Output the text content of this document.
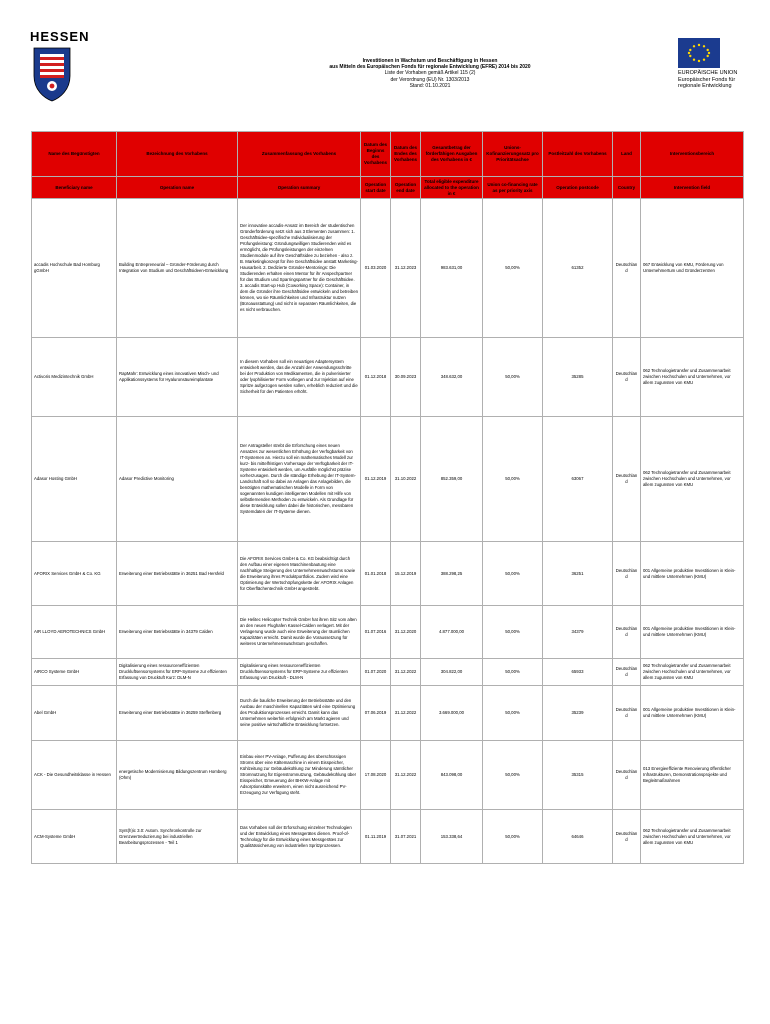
HESSEN
EUROPÄISCHE UNION
Europäischer Fonds für
regionale Entwicklung
Investitionen in Wachstum und Beschäftigung in Hessen
aus Mitteln des Europäischen Fonds für regionale Entwicklung (EFRE) 2014 bis 2020
Liste der Vorhaben gemäß Artikel 115 (2)
der Verordnung (EU) Nr. 1303/2013
Stand: 01.10.2021
Name des Begünstigten	Bezeichnung des Vorhabens	Zusammenfassung des Vorhabens	Datum des Beginns des Vorhabens	Datum des Endes des Vorhabens	Gesamtbetrag der förderfähigen Ausgaben des Vorhabens in €	Unions-Kofinanzierungssatz pro Prioritätsachse	Postleitzahl des Vorhabens	Land	Interventionsbereich
Beneficiary name	Operation name	Operation summary	Operation start date	Operation end date	Total eligible expenditure allocated to the operation in €	Union co-financing rate as per priority axis	Operation postcode	Country	Intervention field
accadis Hochschule Bad Homburg gGmbH	Building Entrepreneurial – Gründer-Förderung durch Integration von Studium und Geschäftsideen-Entwicklung	Der innovative accadis-Ansatz im Bereich der studentischen Gründerförderung setzt sich aus 3 Elementen zusammen: 1. Geschäftsidee-spezifische Individualisierung der Prüfungsleistung: Gründungswilligen Studierenden wird es ermöglicht, die Prüfungsleistungen der einzelnen Studienmodule auf ihre Geschäftsidee zu beziehen - also z. B. Marketingkonzept für ihre Geschäftsidee anstatt Marketing-Hausarbeit. 2. Dedizierte Gründer-Mentorings: Die Studierenden erhalten einen Mentor für ihr Anspechpartner für das Studium und Sparringspartner für die Geschäftsidee. 3. accadis Start-up Hub (Coworking Space): Container, in dem die Gründer ihre Geschäftsidee entwickeln und betreiben können, wo sie Räumlichkeiten und Infrastruktur nutzen (Büroausstattung) und nicht in separaten Räumlichkeiten, die es nicht verbrauchen.	01.03.2020	31.12.2023	983.631,00	50,00%	61352	Deutschland	067 Entwicklung von KMU, Förderung von Unternehmertum und Gründerzentren
Activoris Medizintechnik GmbH	RapMahr: Entwicklung eines innovativen Misch- und Applikationssystems für Hyaluronsäureimplantate	In diesem Vorhaben soll ein neuartiges Adaptersystem entwickelt werden, das die Anzahl der Anwendungsschritte bei der Produktion von Medikamenten, die in pulverisierter oder lyophilisierter Form vorliegen und zur Injektion auf eine Spritze aufgezogen werden sollen, erheblich reduziert und die Sicherheit für den Patienten erhöht.	01.12.2018	30.09.2023	348.632,00	50,00%	35285	Deutschland	062 Technologietransfer und Zusammenarbeit zwischen Hochschulen und Unternehmen, vor allem zugunsten von KMU
Adasor Hosting GmbH	Adasor Predictive Monitoring	Der Antragsteller strebt die Erforschung eines neuen Ansatzes zur wesentlichen Erhöhung der Verfügbarkeit von IT-Systemen an. Hierzu soll ein mathematisches Modell zur kurz- bis mittelfristigen Vorhersage der Verfügbarkeit der IT-Systeme entwickelt werden, um Ausfälle möglichst präzise vorherzusagen. Durch die ständige Erhebung der IT-System-Landschaft soll so dabei an Anlagen das Anlagebilden, die benötigten mathematischen Modelle in Form von sogenannten kundigen intelligenten Modellen mit Hilfe von selbstlernenden Methoden zu entwickeln. Als Grundlage für diese Entwicklung sollen dabei die historischen, messbaren Systemdaten der IT-Systeme dienen.	01.12.2019	31.10.2022	852.359,00	50,00%	63067	Deutschland	062 Technologietransfer und Zusammenarbeit zwischen Hochschulen und Unternehmen, vor allem zugunsten von KMU
AFORIX Services GmbH & Co. KG	Erweiterung einer Betriebsstätte in 36251 Bad Hersfeld	Die AFORIX Services GmbH & Co. KG beabsichtigt durch den Aufbau einer eigenen Maschinenbautung eine nachhaltige Steigerung des Unternehmenswachstums sowie die Erweiterung ihres Produktportfolios. Zudem wird eine Optimierung der Wertschöpfungskette der AFORIX Anlagen für Oberflächentechnik GmbH angestrebt.	01.01.2018	15.12.2019	388.298,25	50,00%	36251	Deutschland	001 Allgemeine produktive Investitionen in Klein- und mittlere Unternehmen (KMU)
AIR LLOYD AEROTECHNICS GmbH	Erweiterung einer Betriebsstätte in 34379 Calden	Die Helitec Helicopter Technik GmbH hat ihren Sitz vom alten an den neuen Flughafen Kassel-Calden verlagert. Mit der Verlagerung wurde auch eine Erweiterung der räumlichen Kapazitäten erreicht. Damit wurde die Voraussetzung für weiteres Unternehmenswachstum geschaffen.	01.07.2016	31.12.2020	4.877.000,00	50,00%	34379	Deutschland	001 Allgemeine produktive Investitionen in Klein- und mittlere Unternehmen (KMU)
AIRCO Systeme GmbH	Digitalisierung eines ressourceneffizienten Druckluftsensorsystems für ERP-Systeme zur effizienten Erfassung von Drucktuft Kurz: DLM-N	Digitalisierung eines ressourceneffizienten Druckluftsensorsystems für ERP-Systeme zur effizienten Erfassung von Drucktuft - DLM-N	01.07.2020	31.12.2022	304.822,00	50,00%	65933	Deutschland	062 Technologietransfer und Zusammenarbeit zwischen Hochschulen und Unternehmen, vor allem zugunsten von KMU
Abel GmbH	Erweiterung einer Betriebsstätte in 36259 Steffenberg	Durch die bauliche Erweiterung der Betriebsstätte und den Ausbau der maschinellen Kapazitäten wird eine Optimierung des Produktionsprozesses erreicht. Damit kann das Unternehmen weiterhin erfolgreich am Markt agieren und seine positive wirtschaftliche Entwicklung fortsetzen.	07.06.2019	31.12.2022	3.669.000,00	50,00%	35239	Deutschland	001 Allgemeine produktive Investitionen in Klein- und mittlere Unternehmen (KMU)
ACK - Die Gesundheitsklasse in Hessen	energetische Modernisierung Bildungszentrum Homberg (Ohm)	Einbau einer PV-Anlage, Pufferung des überschüssigen Stroms über eine Kältemaschine in einem Eisspeicher, Kühlzeitung zur Gebäudekühlung zur Minderung sämtlicher Stromnutzung für Eigenstromnutzung, Gebäudekühlung über Eisspeicher, Erneuerung der BHKW-Anlage mit Adsorptionskälte erweitern, einen nicht ausreichend PV-Erzeugung zur Verfügung steht.	17.08.2020	31.12.2022	843.098,00	50,00%	35315	Deutschland	013 Energieeffiziente Renovierung öffentlicher Infrastrukturen, Demonstrationsprojekte und Begleitmaßnahmen
ACM-Systeme GmbH	Synt(h)ic 3.0: Autom. Synchronkontrolle zur Grenzwertreduzierung bei industriellen Bearbeitungsprozessen - Teil 1	Das Vorhaben soll der Erforschung einzelner Technologien und der Entwicklung eines Messgerätes dienen. Proof-of-Technology für die Entwicklung eines Messgerätes zur Qualitätssicherung von industriellen Spritzprozessen.	01.11.2019	31.07.2021	153.338,64	50,00%	64646	Deutschland	062 Technologietransfer und Zusammenarbeit zwischen Hochschulen und Unternehmen, vor allem zugunsten von KMU
